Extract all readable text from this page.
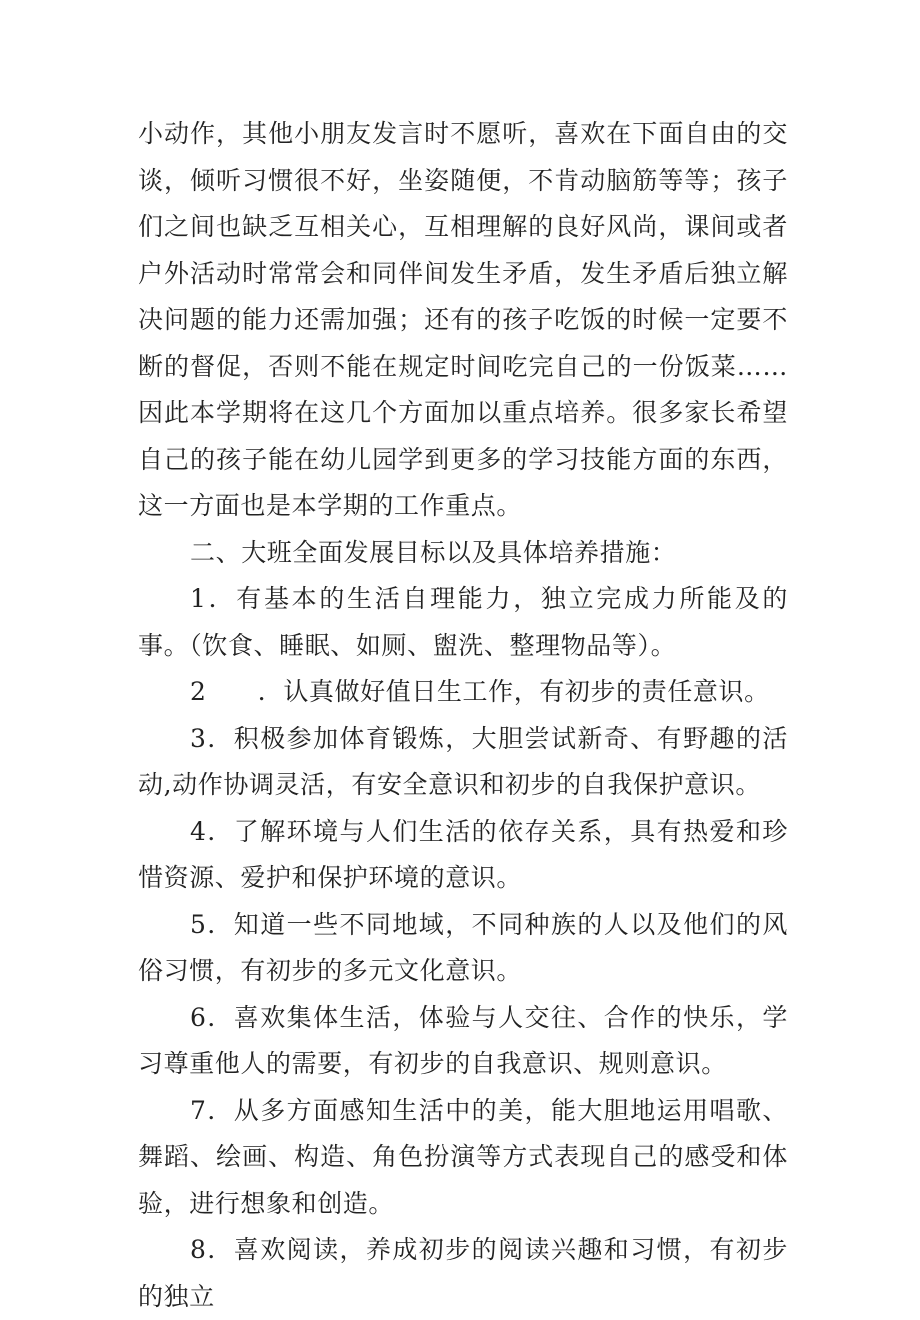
小动作，其他小朋友发言时不愿听，喜欢在下面自由的交谈，倾听习惯很不好，坐姿随便，不肯动脑筋等等；孩子们之间也缺乏互相关心，互相理解的良好风尚，课间或者户外活动时常常会和同伴间发生矛盾，发生矛盾后独立解决问题的能力还需加强；还有的孩子吃饭的时候一定要不断的督促，否则不能在规定时间吃完自己的一份饭菜……因此本学期将在这几个方面加以重点培养。很多家长希望自己的孩子能在幼儿园学到更多的学习技能方面的东西，这一方面也是本学期的工作重点。

二、大班全面发展目标以及具体培养措施：

1．有基本的生活自理能力，独立完成力所能及的事。（饮食、睡眠、如厕、盥洗、整理物品等）。

2　　．认真做好值日生工作，有初步的责任意识。

3．积极参加体育锻炼，大胆尝试新奇、有野趣的活动,动作协调灵活，有安全意识和初步的自我保护意识。

4．了解环境与人们生活的依存关系，具有热爱和珍惜资源、爱护和保护环境的意识。

5．知道一些不同地域，不同种族的人以及他们的风俗习惯，有初步的多元文化意识。

6．喜欢集体生活，体验与人交往、合作的快乐，学习尊重他人的需要，有初步的自我意识、规则意识。

7．从多方面感知生活中的美，能大胆地运用唱歌、舞蹈、绘画、构造、角色扮演等方式表现自己的感受和体验，进行想象和创造。

8．喜欢阅读，养成初步的阅读兴趣和习惯，有初步的独立
